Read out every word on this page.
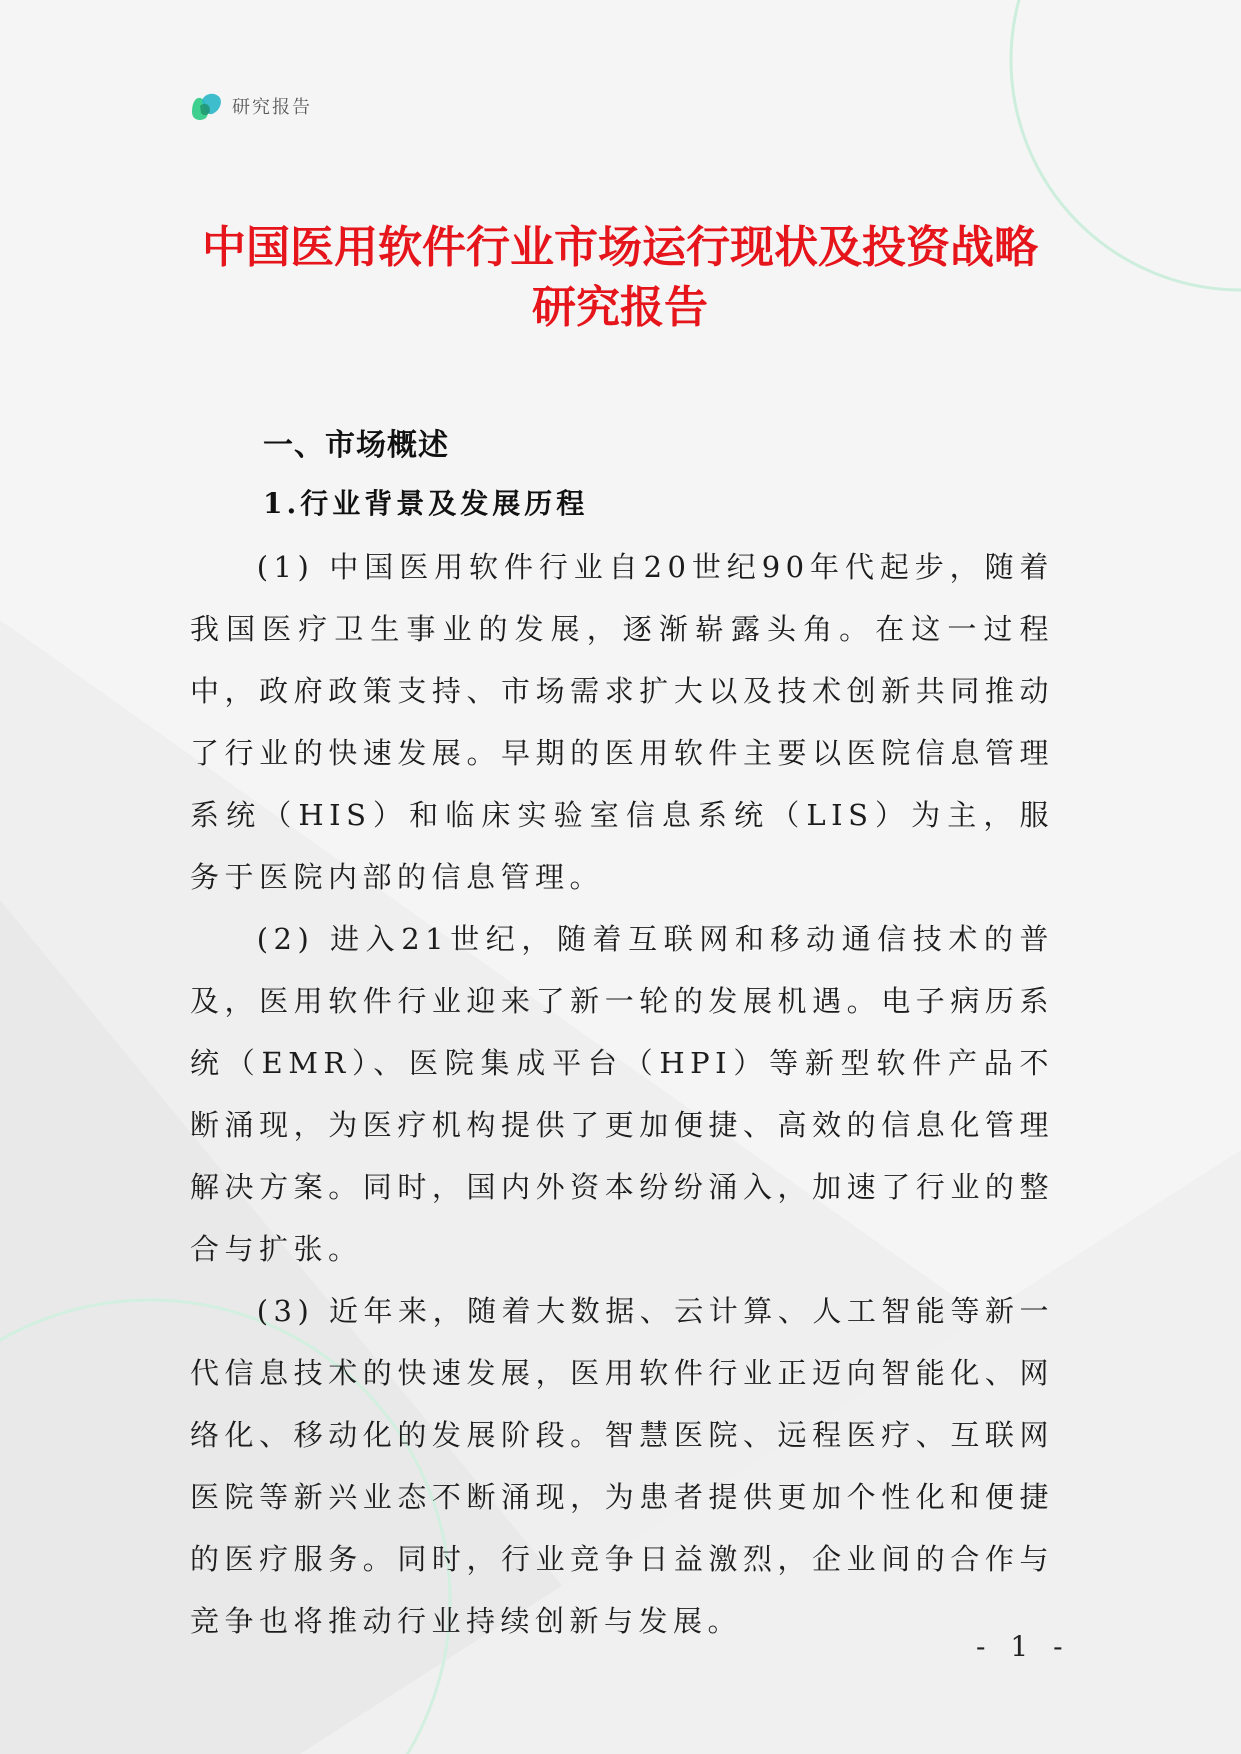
研究报告
中国医用软件行业市场运行现状及投资战略研究报告
一、市场概述
1.行业背景及发展历程

(1) 中国医用软件行业自20世纪90年代起步，随着我国医疗卫生事业的发展，逐渐崭露头角。在这一过程中，政府政策支持、市场需求扩大以及技术创新共同推动了行业的快速发展。早期的医用软件主要以医院信息管理系统（HIS）和临床实验室信息系统（LIS）为主，服务于医院内部的信息管理。

(2) 进入21世纪，随着互联网和移动通信技术的普及，医用软件行业迎来了新一轮的发展机遇。电子病历系统（EMR）、医院集成平台（HPI）等新型软件产品不断涌现，为医疗机构提供了更加便捷、高效的信息化管理解决方案。同时，国内外资本纷纷涌入，加速了行业的整合与扩张。

(3) 近年来，随着大数据、云计算、人工智能等新一代信息技术的快速发展，医用软件行业正迈向智能化、网络化、移动化的发展阶段。智慧医院、远程医疗、互联网医院等新兴业态不断涌现，为患者提供更加个性化和便捷的医疗服务。同时，行业竞争日益激烈，企业间的合作与竞争也将推动行业持续创新与发展。

- 1 -
